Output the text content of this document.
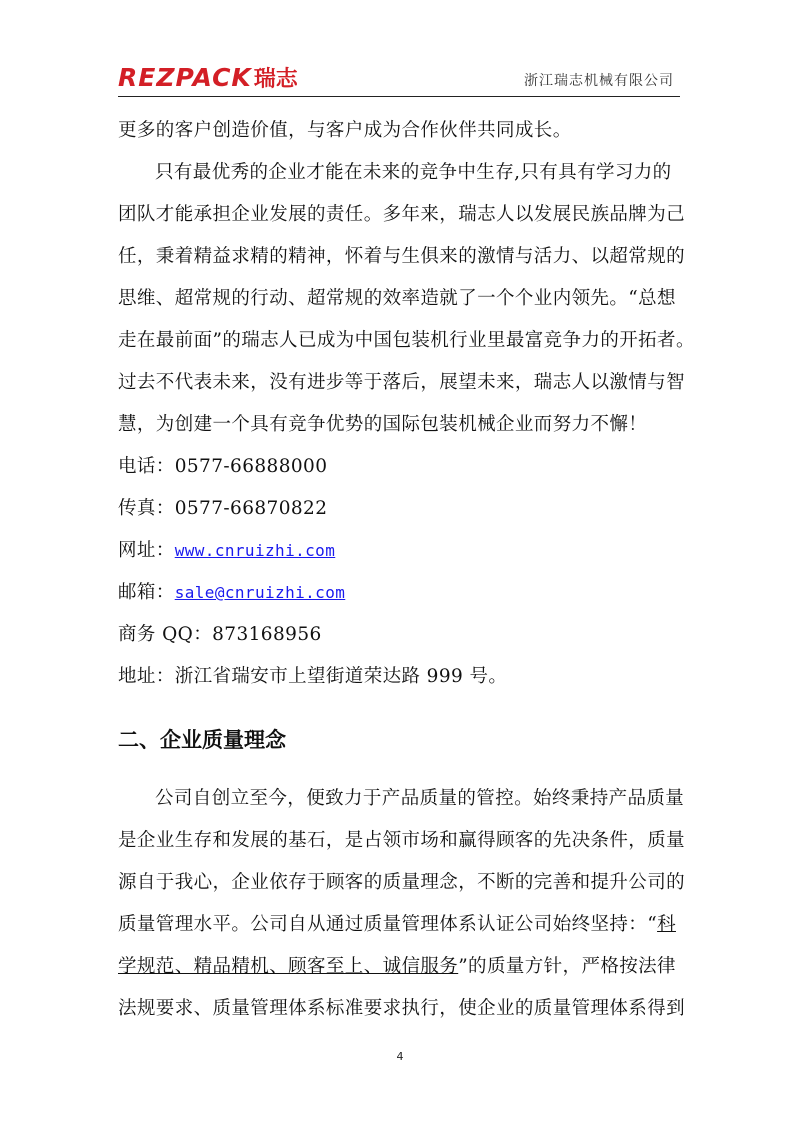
REZPACK 瑞志	浙江瑞志机械有限公司
更多的客户创造价值，与客户成为合作伙伴共同成长。
只有最优秀的企业才能在未来的竞争中生存,只有具有学习力的
团队才能承担企业发展的责任。多年来，瑞志人以发展民族品牌为己
任，秉着精益求精的精神，怀着与生俱来的激情与活力、以超常规的
思维、超常规的行动、超常规的效率造就了一个个业内领先。“总想
走在最前面”的瑞志人已成为中国包装机行业里最富竞争力的开拓者。
过去不代表未来，没有进步等于落后，展望未来，瑞志人以激情与智
慧，为创建一个具有竞争优势的国际包装机械企业而努力不懈！
电话：0577-66888000
传真：0577-66870822
网址：www.cnruizhi.com
邮箱：sale@cnruizhi.com
商务 QQ：873168956
地址：浙江省瑞安市上望街道荣达路 999 号。
二、企业质量理念
公司自创立至今，便致力于产品质量的管控。始终秉持产品质量
是企业生存和发展的基石，是占领市场和赢得顾客的先决条件，质量
源自于我心，企业依存于顾客的质量理念，不断的完善和提升公司的
质量管理水平。公司自从通过质量管理体系认证公司始终坚持：“科
学规范、精品精机、顾客至上、诚信服务”的质量方针，严格按法律
法规要求、质量管理体系标准要求执行，使企业的质量管理体系得到
4
